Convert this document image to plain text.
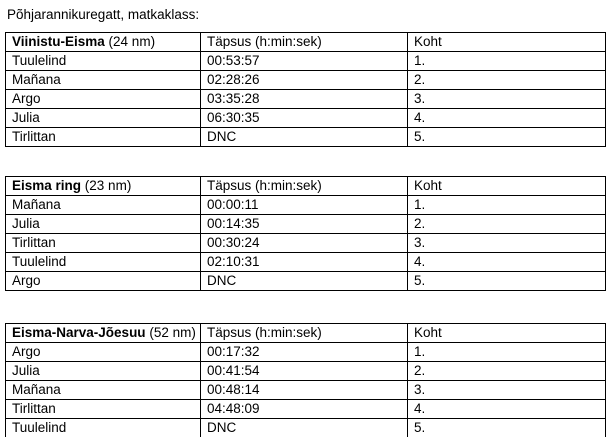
Põhjarannikuregatt, matkaklass:

Viinistu-Eisma (24 nm)	Täpsus (h:min:sek)	Koht
Tuulelind	00:53:57	1.
Mañana	02:28:26	2.
Argo	03:35:28	3.
Julia	06:30:35	4.
Tirlittan	DNC	5.
Eisma ring (23 nm)	Täpsus (h:min:sek)	Koht
Mañana	00:00:11	1.
Julia	00:14:35	2.
Tirlittan	00:30:24	3.
Tuulelind	02:10:31	4.
Argo	DNC	5.
Eisma-Narva-Jõesuu (52 nm)	Täpsus (h:min:sek)	Koht
Argo	00:17:32	1.
Julia	00:41:54	2.
Mañana	00:48:14	3.
Tirlittan	04:48:09	4.
Tuulelind	DNC	5.
